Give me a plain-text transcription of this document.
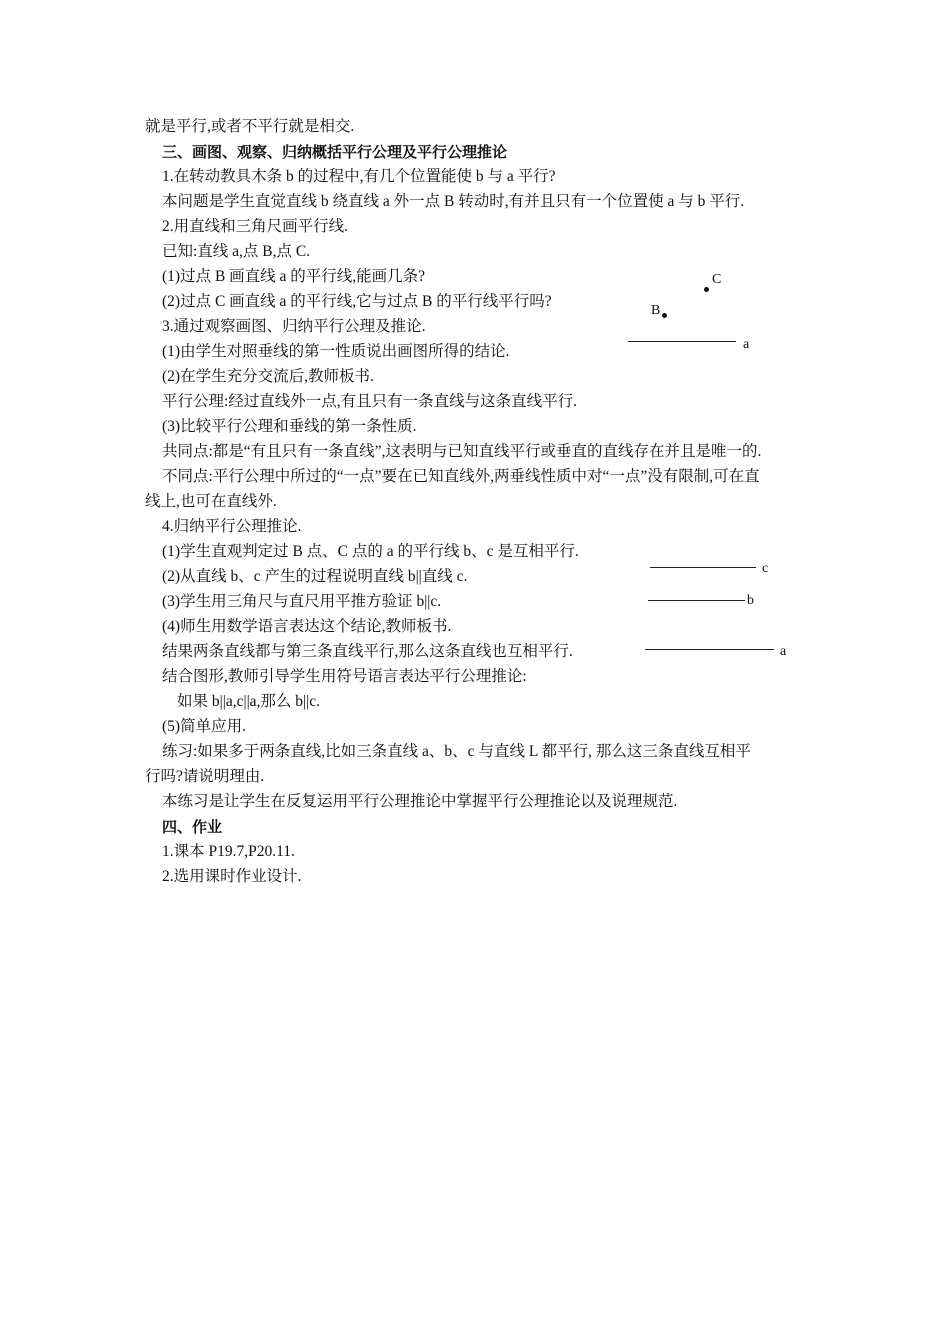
就是平行,或者不平行就是相交.
三、画图、观察、归纳概括平行公理及平行公理推论
1.在转动教具木条 b 的过程中,有几个位置能使 b 与 a 平行?
本问题是学生直觉直线 b 绕直线 a 外一点 B 转动时,有并且只有一个位置使 a 与 b 平行.
2.用直线和三角尺画平行线.
已知:直线 a,点 B,点 C.
(1)过点 B 画直线 a 的平行线,能画几条?
(2)过点 C 画直线 a 的平行线,它与过点 B 的平行线平行吗?
3.通过观察画图、归纳平行公理及推论.
(1)由学生对照垂线的第一性质说出画图所得的结论.
(2)在学生充分交流后,教师板书.
平行公理:经过直线外一点,有且只有一条直线与这条直线平行.
(3)比较平行公理和垂线的第一条性质.
共同点:都是“有且只有一条直线”,这表明与已知直线平行或垂直的直线存在并且是唯一的.
不同点:平行公理中所过的“一点”要在已知直线外,两垂线性质中对“一点”没有限制,可在直
线上,也可在直线外.
4.归纳平行公理推论.
(1)学生直观判定过 B 点、C 点的 a 的平行线 b、c 是互相平行.
(2)从直线 b、c 产生的过程说明直线 b||直线 c.
(3)学生用三角尺与直尺用平推方验证 b||c.
(4)师生用数学语言表达这个结论,教师板书.
结果两条直线都与第三条直线平行,那么这条直线也互相平行.
结合图形,教师引导学生用符号语言表达平行公理推论:
如果 b||a,c||a,那么 b||c.
(5)简单应用.
练习:如果多于两条直线,比如三条直线 a、b、c 与直线 L 都平行, 那么这三条直线互相平
行吗?请说明理由.
本练习是让学生在反复运用平行公理推论中掌握平行公理推论以及说理规范.
四、作业
1.课本 P19.7,P20.11.
2.选用课时作业设计.
C
B
a
c
b
a
